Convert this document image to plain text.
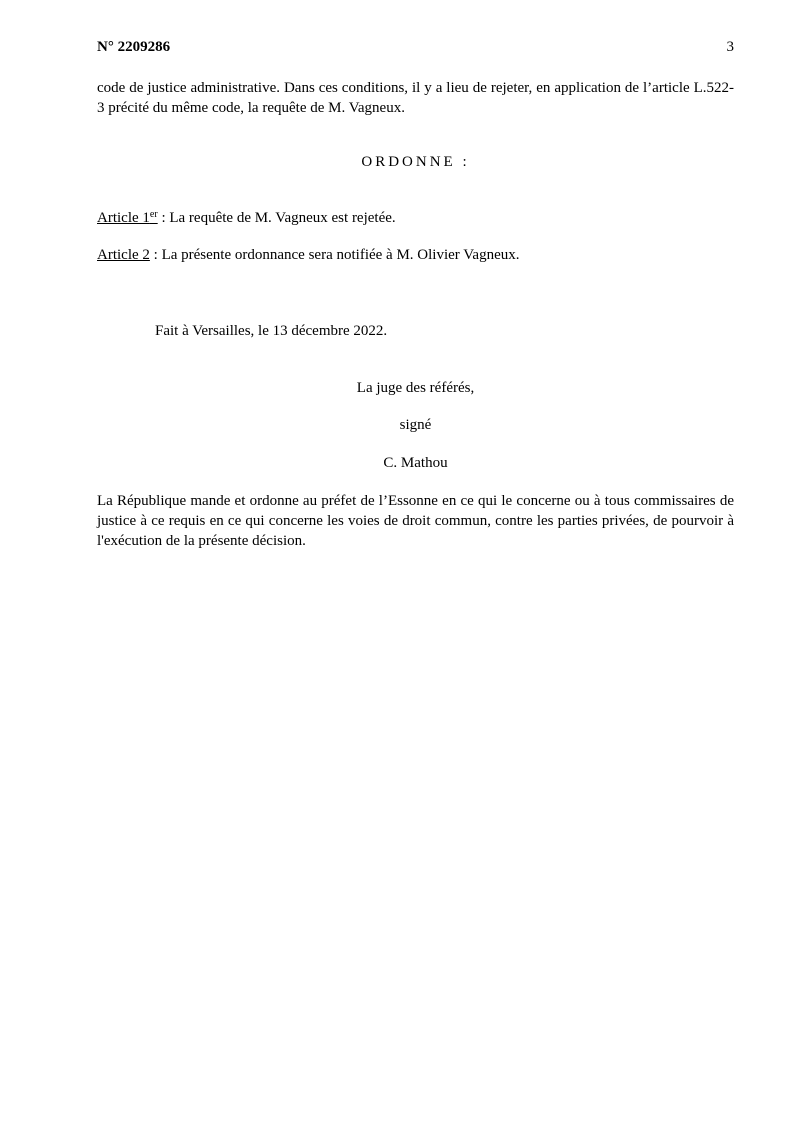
N° 2209286	3
code de justice administrative. Dans ces conditions, il y a lieu de rejeter, en application de l’article L.522-3 précité du même code, la requête de M. Vagneux.
ORDONNE :
Article 1er : La requête de M. Vagneux est rejetée.
Article 2 : La présente ordonnance sera notifiée à M. Olivier Vagneux.
Fait à Versailles, le 13 décembre 2022.
La juge des référés,
signé
C. Mathou
La République mande et ordonne au préfet de l’Essonne en ce qui le concerne ou à tous commissaires de justice à ce requis en ce qui concerne les voies de droit commun, contre les parties privées, de pourvoir à l'exécution de la présente décision.
